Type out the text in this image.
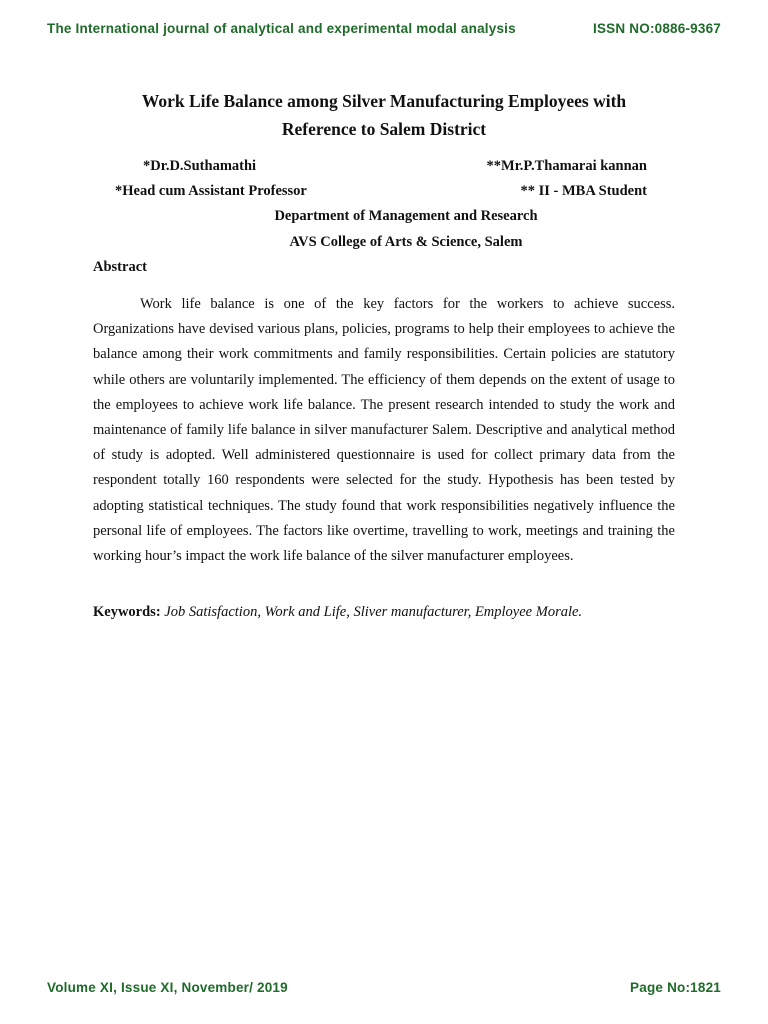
The International journal of analytical and experimental modal analysis	ISSN NO:0886-9367
Work Life Balance among Silver Manufacturing Employees with
Reference to Salem District
*Dr.D.Suthamathi	**Mr.P.Thamarai kannan
*Head cum Assistant Professor	** II - MBA Student
Department of Management and Research
AVS College of Arts & Science, Salem
Abstract

Work life balance is one of the key factors for the workers to achieve success. Organizations have devised various plans, policies, programs to help their employees to achieve the balance among their work commitments and family responsibilities. Certain policies are statutory while others are voluntarily implemented. The efficiency of them depends on the extent of usage to the employees to achieve work life balance. The present research intended to study the work and maintenance of family life balance in silver manufacturer Salem. Descriptive and analytical method of study is adopted. Well administered questionnaire is used for collect primary data from the respondent totally 160 respondents were selected for the study. Hypothesis has been tested by adopting statistical techniques. The study found that work responsibilities negatively influence the personal life of employees. The factors like overtime, travelling to work, meetings and training the working hour’s impact the work life balance of the silver manufacturer employees.

Keywords: Job Satisfaction, Work and Life, Sliver manufacturer, Employee Morale.
Volume XI, Issue XI, November/ 2019	Page No:1821
